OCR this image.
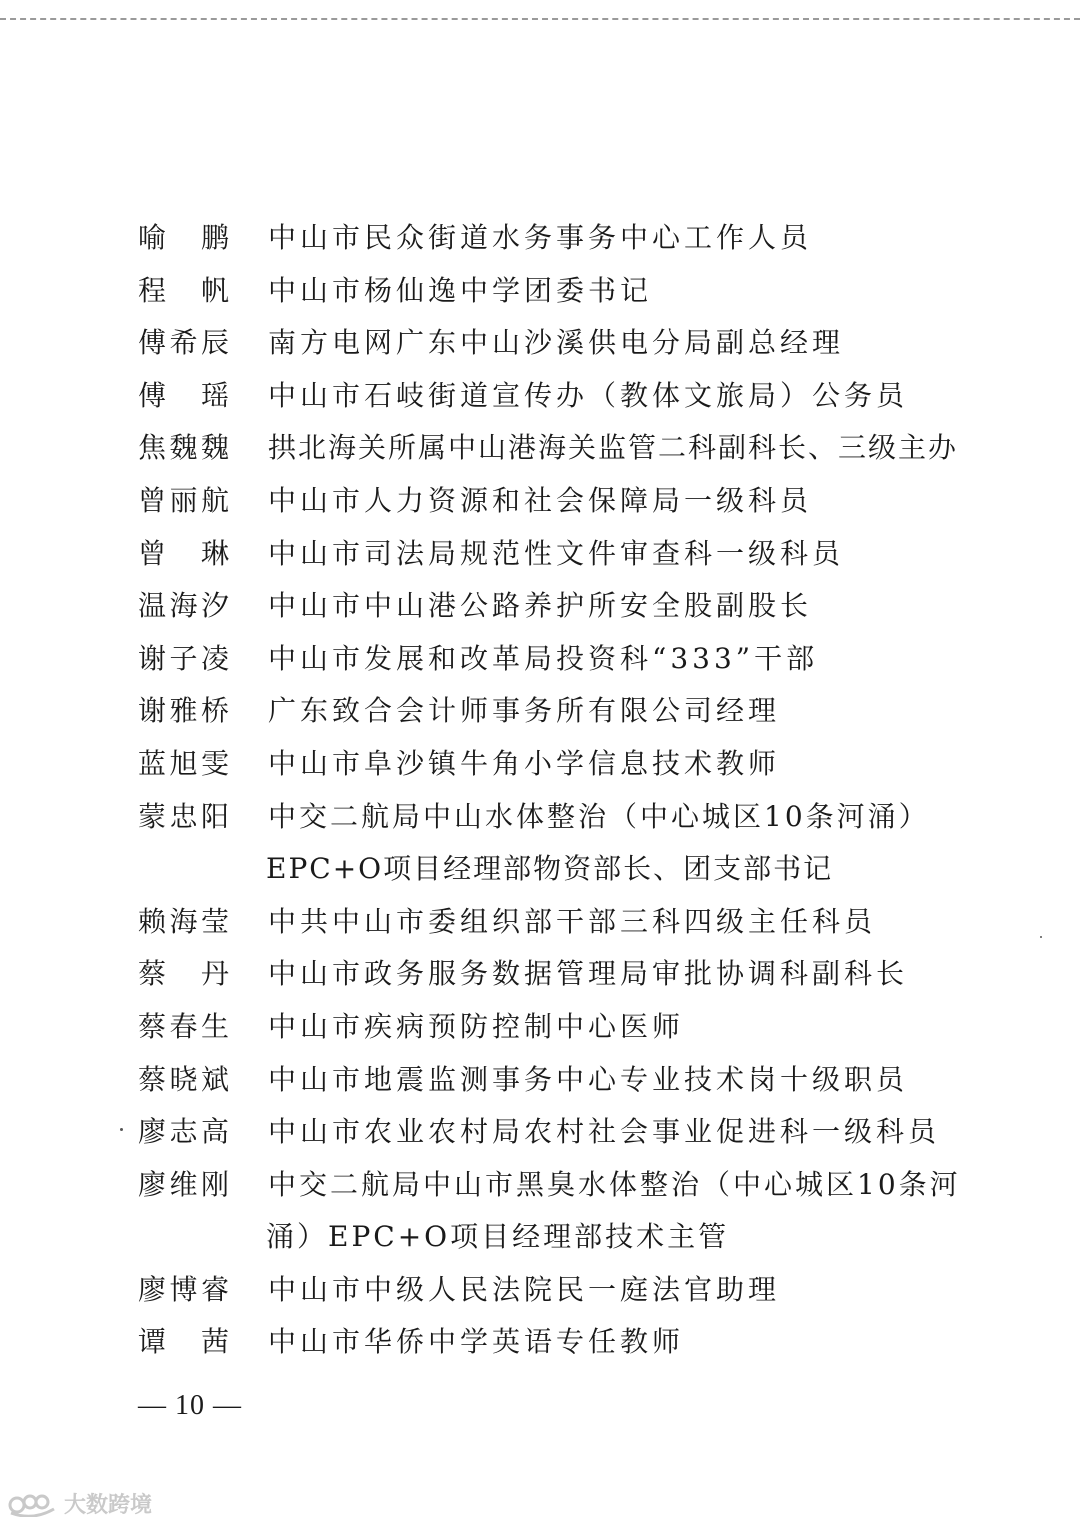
喻　鹏 中山市民众街道水务事务中心工作人员
程　帆 中山市杨仙逸中学团委书记
傅希辰 南方电网广东中山沙溪供电分局副总经理
傅　瑶 中山市石岐街道宣传办（教体文旅局）公务员
焦魏魏 拱北海关所属中山港海关监管二科副科长、三级主办
曾丽航 中山市人力资源和社会保障局一级科员
曾　琳 中山市司法局规范性文件审查科一级科员
温海汐 中山市中山港公路养护所安全股副股长
谢子凌 中山市发展和改革局投资科“333”干部
谢雅桥 广东致合会计师事务所有限公司经理
蓝旭雯 中山市阜沙镇牛角小学信息技术教师
蒙忠阳 中交二航局中山水体整治（中心城区10条河涌）
EPC+O项目经理部物资部长、团支部书记
赖海莹 中共中山市委组织部干部三科四级主任科员
蔡　丹 中山市政务服务数据管理局审批协调科副科长
蔡春生 中山市疾病预防控制中心医师
蔡晓斌 中山市地震监测事务中心专业技术岗十级职员
廖志高 中山市农业农村局农村社会事业促进科一级科员
廖维刚 中交二航局中山市黑臭水体整治（中心城区10条河
涌）EPC+O项目经理部技术主管
廖博睿 中山市中级人民法院民一庭法官助理
谭　茜 中山市华侨中学英语专任教师
— 10 —
大数跨境
